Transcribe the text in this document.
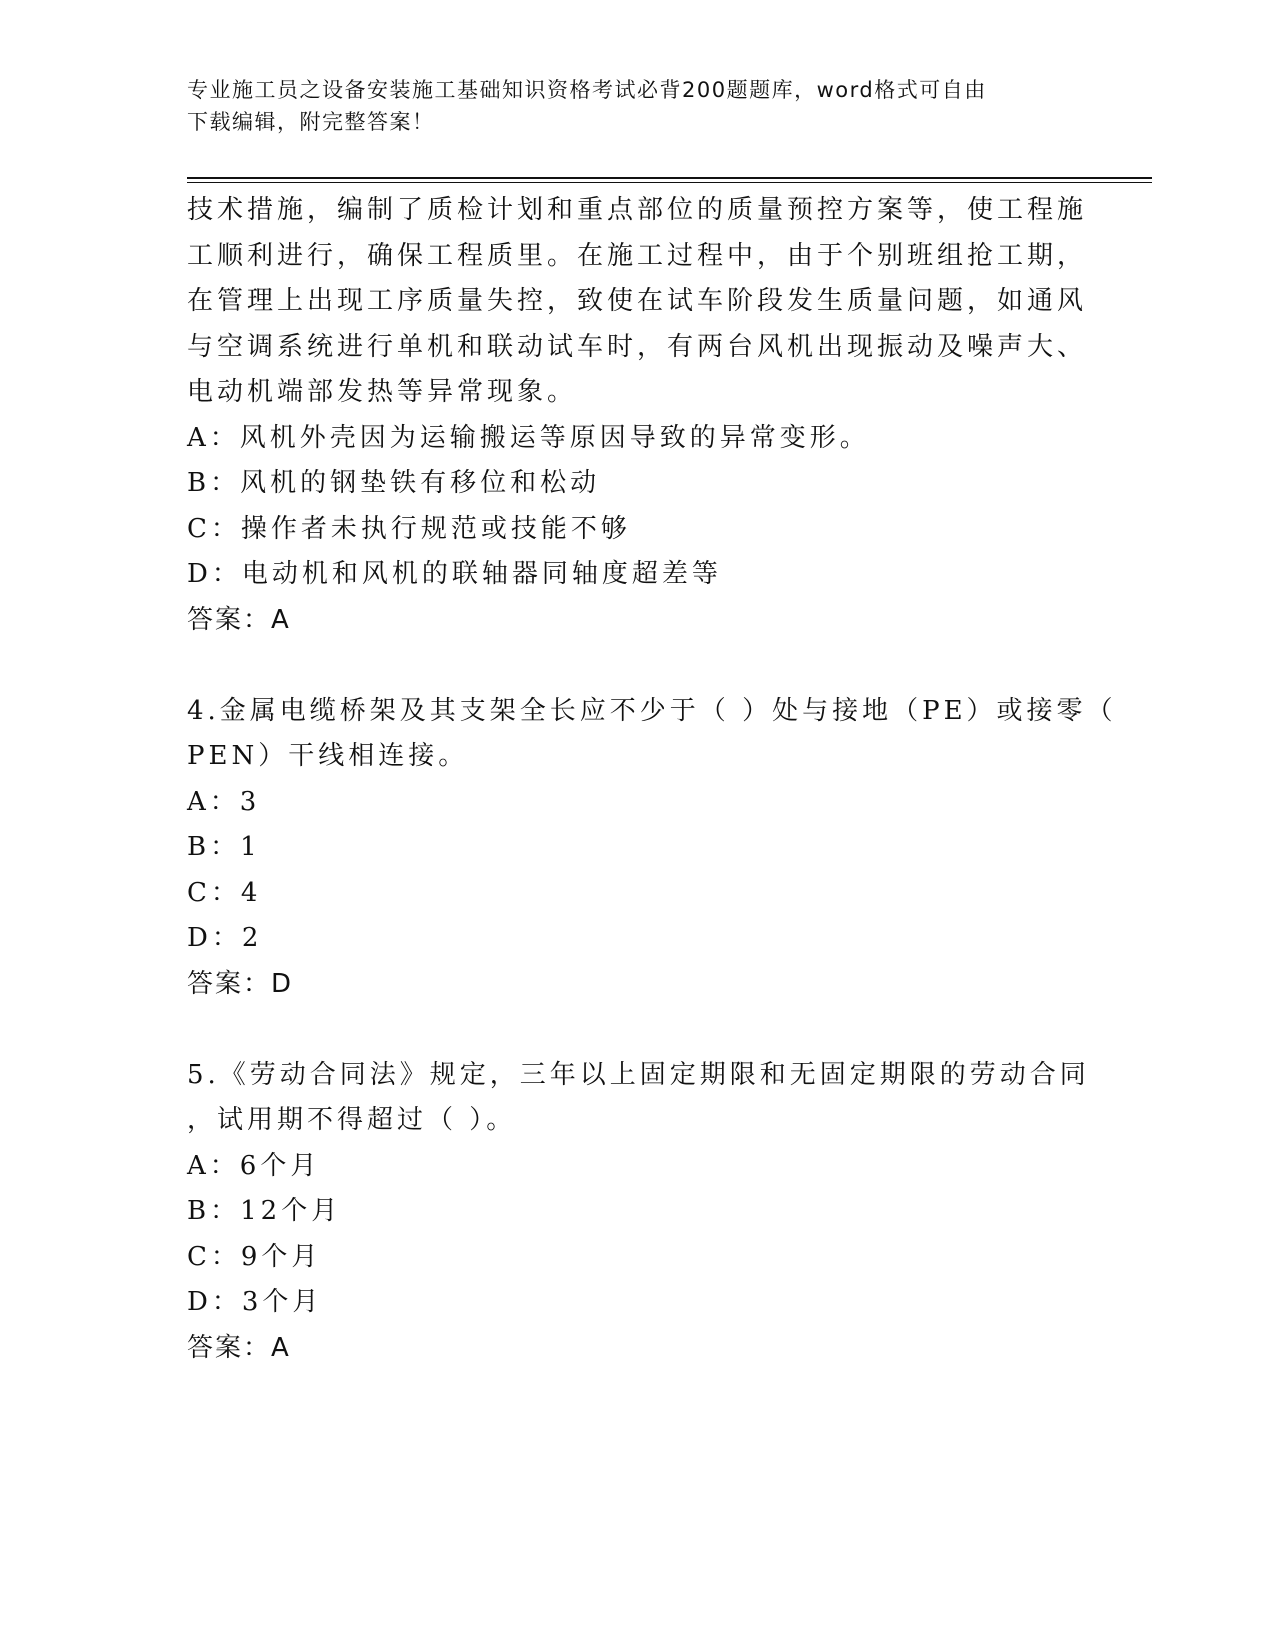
专业施工员之设备安装施工基础知识资格考试必背200题题库，word格式可自由
下载编辑，附完整答案！
技术措施，编制了质检计划和重点部位的质量预控方案等，使工程施
工顺利进行，确保工程质里。在施工过程中，由于个别班组抢工期，
在管理上出现工序质量失控，致使在试车阶段发生质量问题，如通风
与空调系统进行单机和联动试车时，有两台风机出现振动及噪声大、
电动机端部发热等异常现象。
A：风机外壳因为运输搬运等原因导致的异常变形。
B：风机的钢垫铁有移位和松动
C：操作者未执行规范或技能不够
D：电动机和风机的联轴器同轴度超差等
答案：A
4.金属电缆桥架及其支架全长应不少于（ ）处与接地（PE）或接零（
PEN）干线相连接。
A：3
B：1
C：4
D：2
答案：D
5.《劳动合同法》规定，三年以上固定期限和无固定期限的劳动合同
，试用期不得超过（ ）。
A：6个月
B：12个月
C：9个月
D：3个月
答案：A
